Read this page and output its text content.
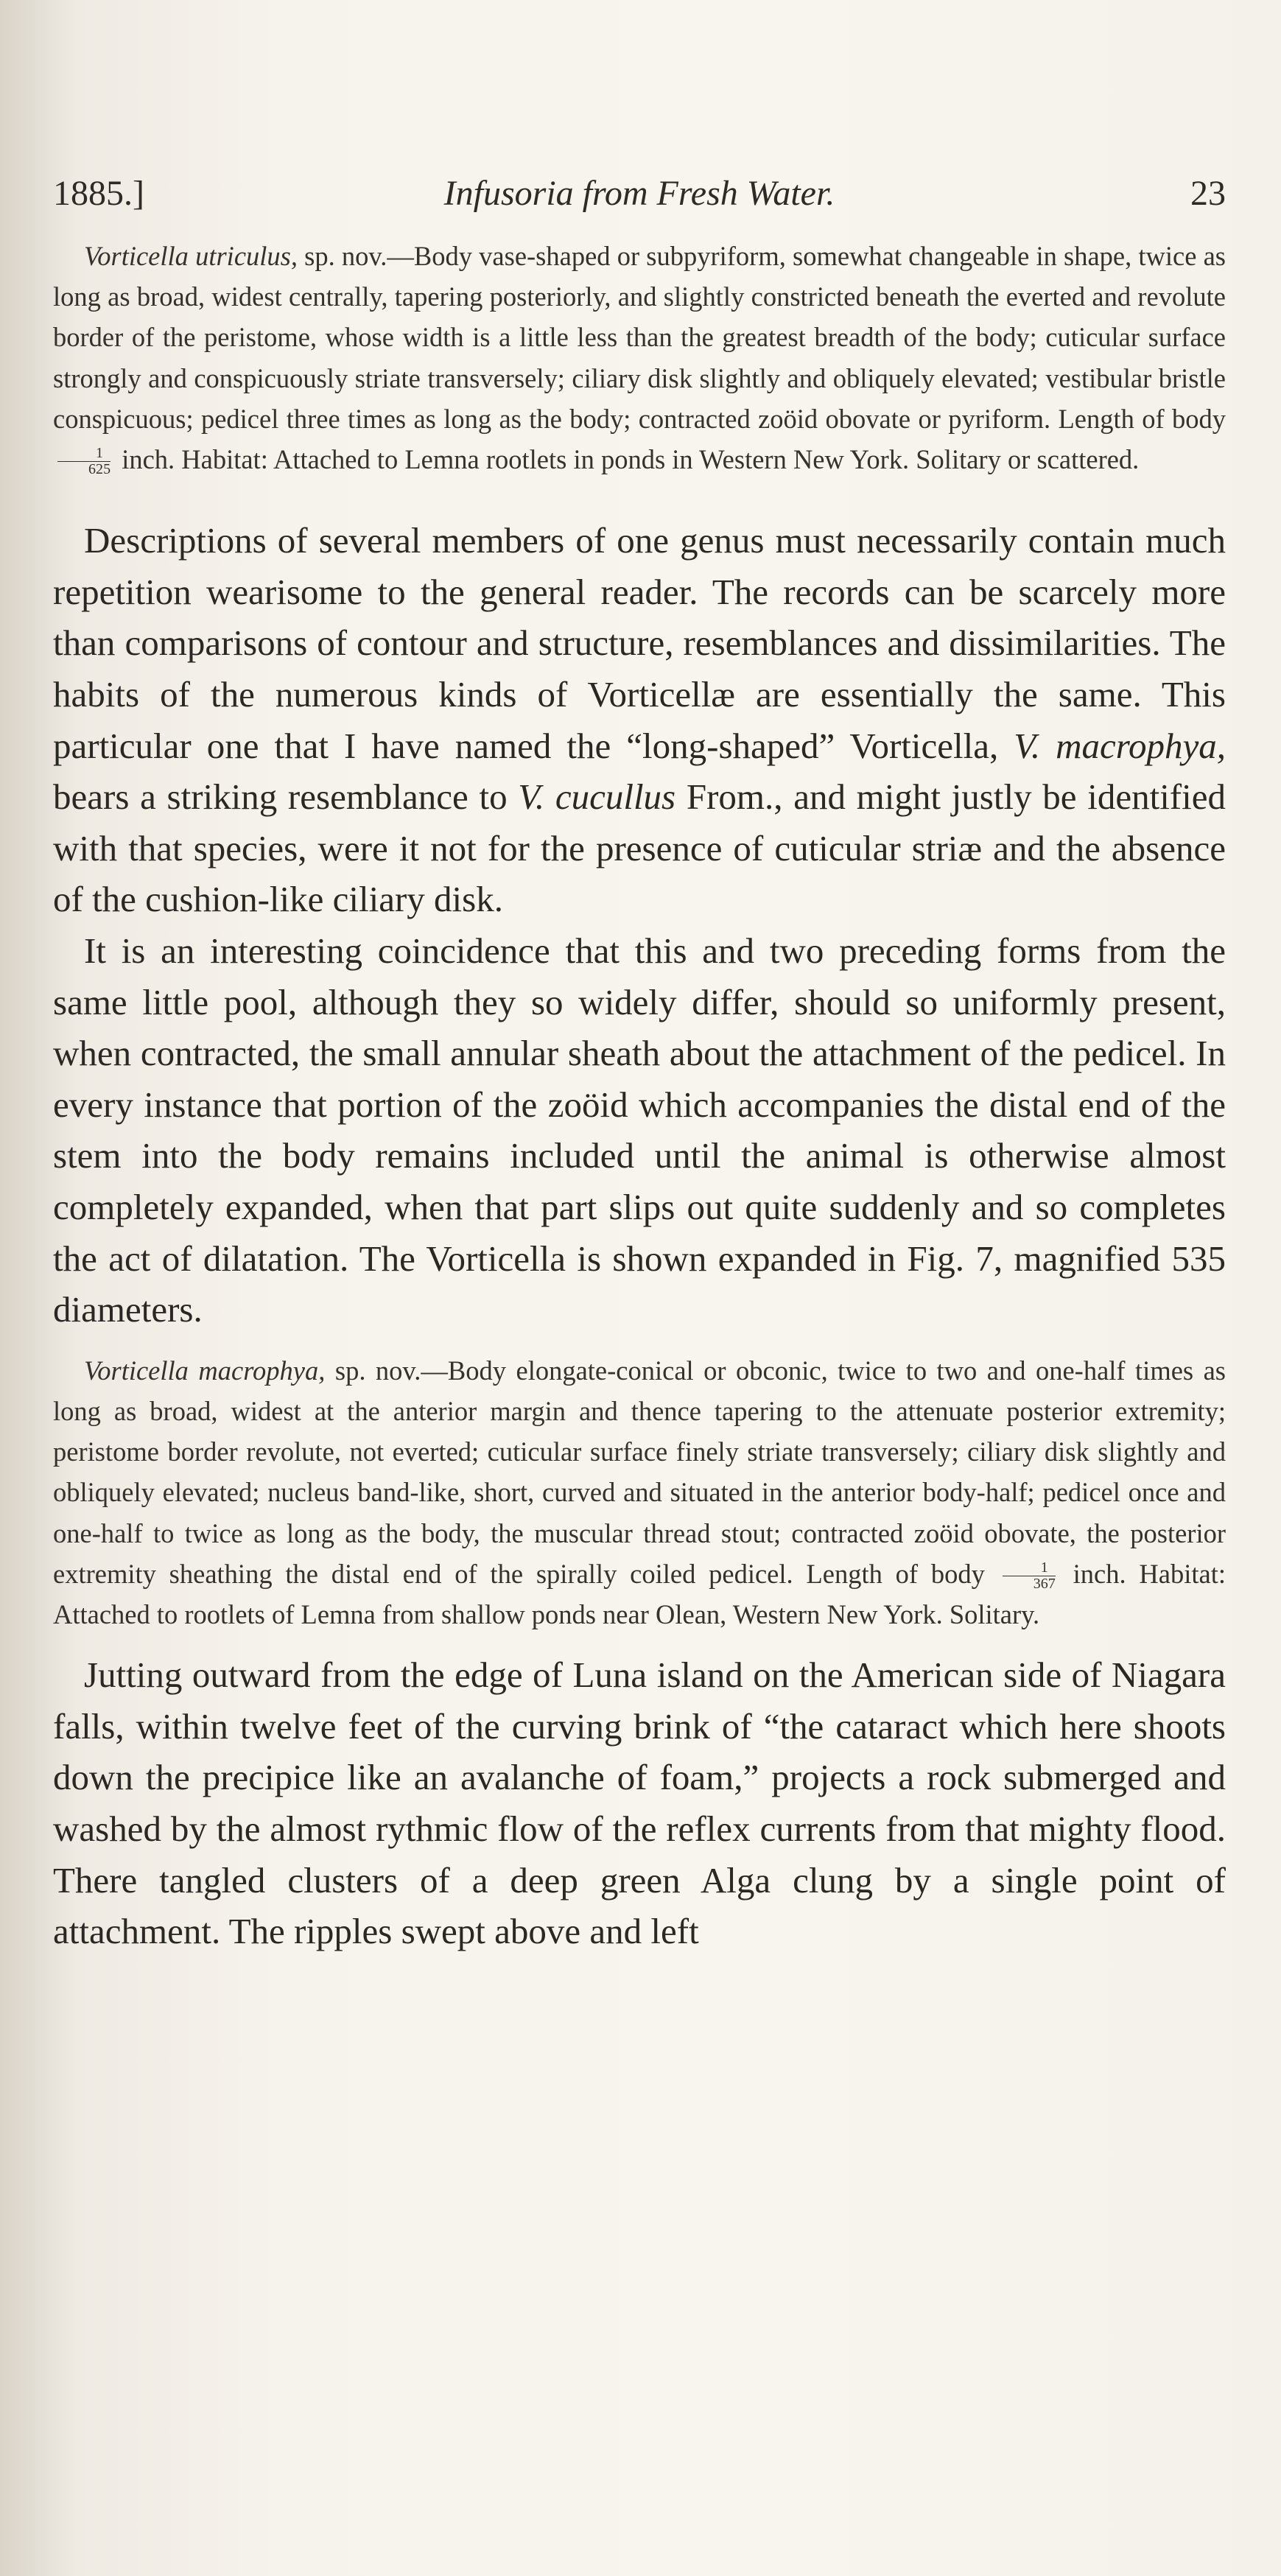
1885.]	Infusoria from Fresh Water.	23

Vorticella utriculus, sp. nov.—Body vase-shaped or subpyriform, somewhat changeable in shape, twice as long as broad, widest centrally, tapering posteriorly, and slightly constricted beneath the everted and revolute border of the peristome, whose width is a little less than the greatest breadth of the body; cuticular surface strongly and conspicuously striate transversely; ciliary disk slightly and obliquely elevated; vestibular bristle conspicuous; pedicel three times as long as the body; contracted zoöid obovate or pyriform. Length of body
$\frac{1}{625}$ inch. Habitat: Attached to Lemna rootlets in ponds in Western New York. Solitary or scattered.

Descriptions of several members of one genus must necessarily contain much repetition wearisome to the general reader. The records can be scarcely more than comparisons of contour and structure, resemblances and dissimilarities. The habits of the numerous kinds of Vorticellæ are essentially the same. This particular one that I have named the “long-shaped” Vorticella, V. macrophya, bears a striking resemblance to V. cucullus From., and might justly be identified with that species, were it not for the presence of cuticular striæ and the absence of the cushion-like ciliary disk.

It is an interesting coincidence that this and two preceding forms from the same little pool, although they so widely differ, should so uniformly present, when contracted, the small annular sheath about the attachment of the pedicel. In every instance that portion of the zoöid which accompanies the distal end of the stem into the body remains included until the animal is otherwise almost completely expanded, when that part slips out quite suddenly and so completes the act of dilatation. The Vorticella is shown expanded in Fig. 7, magnified 535 diameters.

Vorticella macrophya, sp. nov.—Body elongate-conical or obconic, twice to two and one-half times as long as broad, widest at the anterior margin and thence tapering to the attenuate posterior extremity; peristome border revolute, not everted; cuticular surface finely striate transversely; ciliary disk slightly and obliquely elevated; nucleus band-like, short, curved and situated in the anterior body-half; pedicel once and one-half to twice as long as the body, the muscular thread stout; contracted zoöid obovate, the posterior extremity sheathing the distal end of the spirally coiled pedicel. Length of body $\frac{1}{367}$ inch. Habitat: Attached to rootlets of Lemna from shallow ponds near Olean, Western New York. Solitary.

Jutting outward from the edge of Luna island on the American side of Niagara falls, within twelve feet of the curving brink of “the cataract which here shoots down the precipice like an avalanche of foam,” projects a rock submerged and washed by the almost rythmic flow of the reflex currents from that mighty flood. There tangled clusters of a deep green Alga clung by a single point of attachment. The ripples swept above and left
